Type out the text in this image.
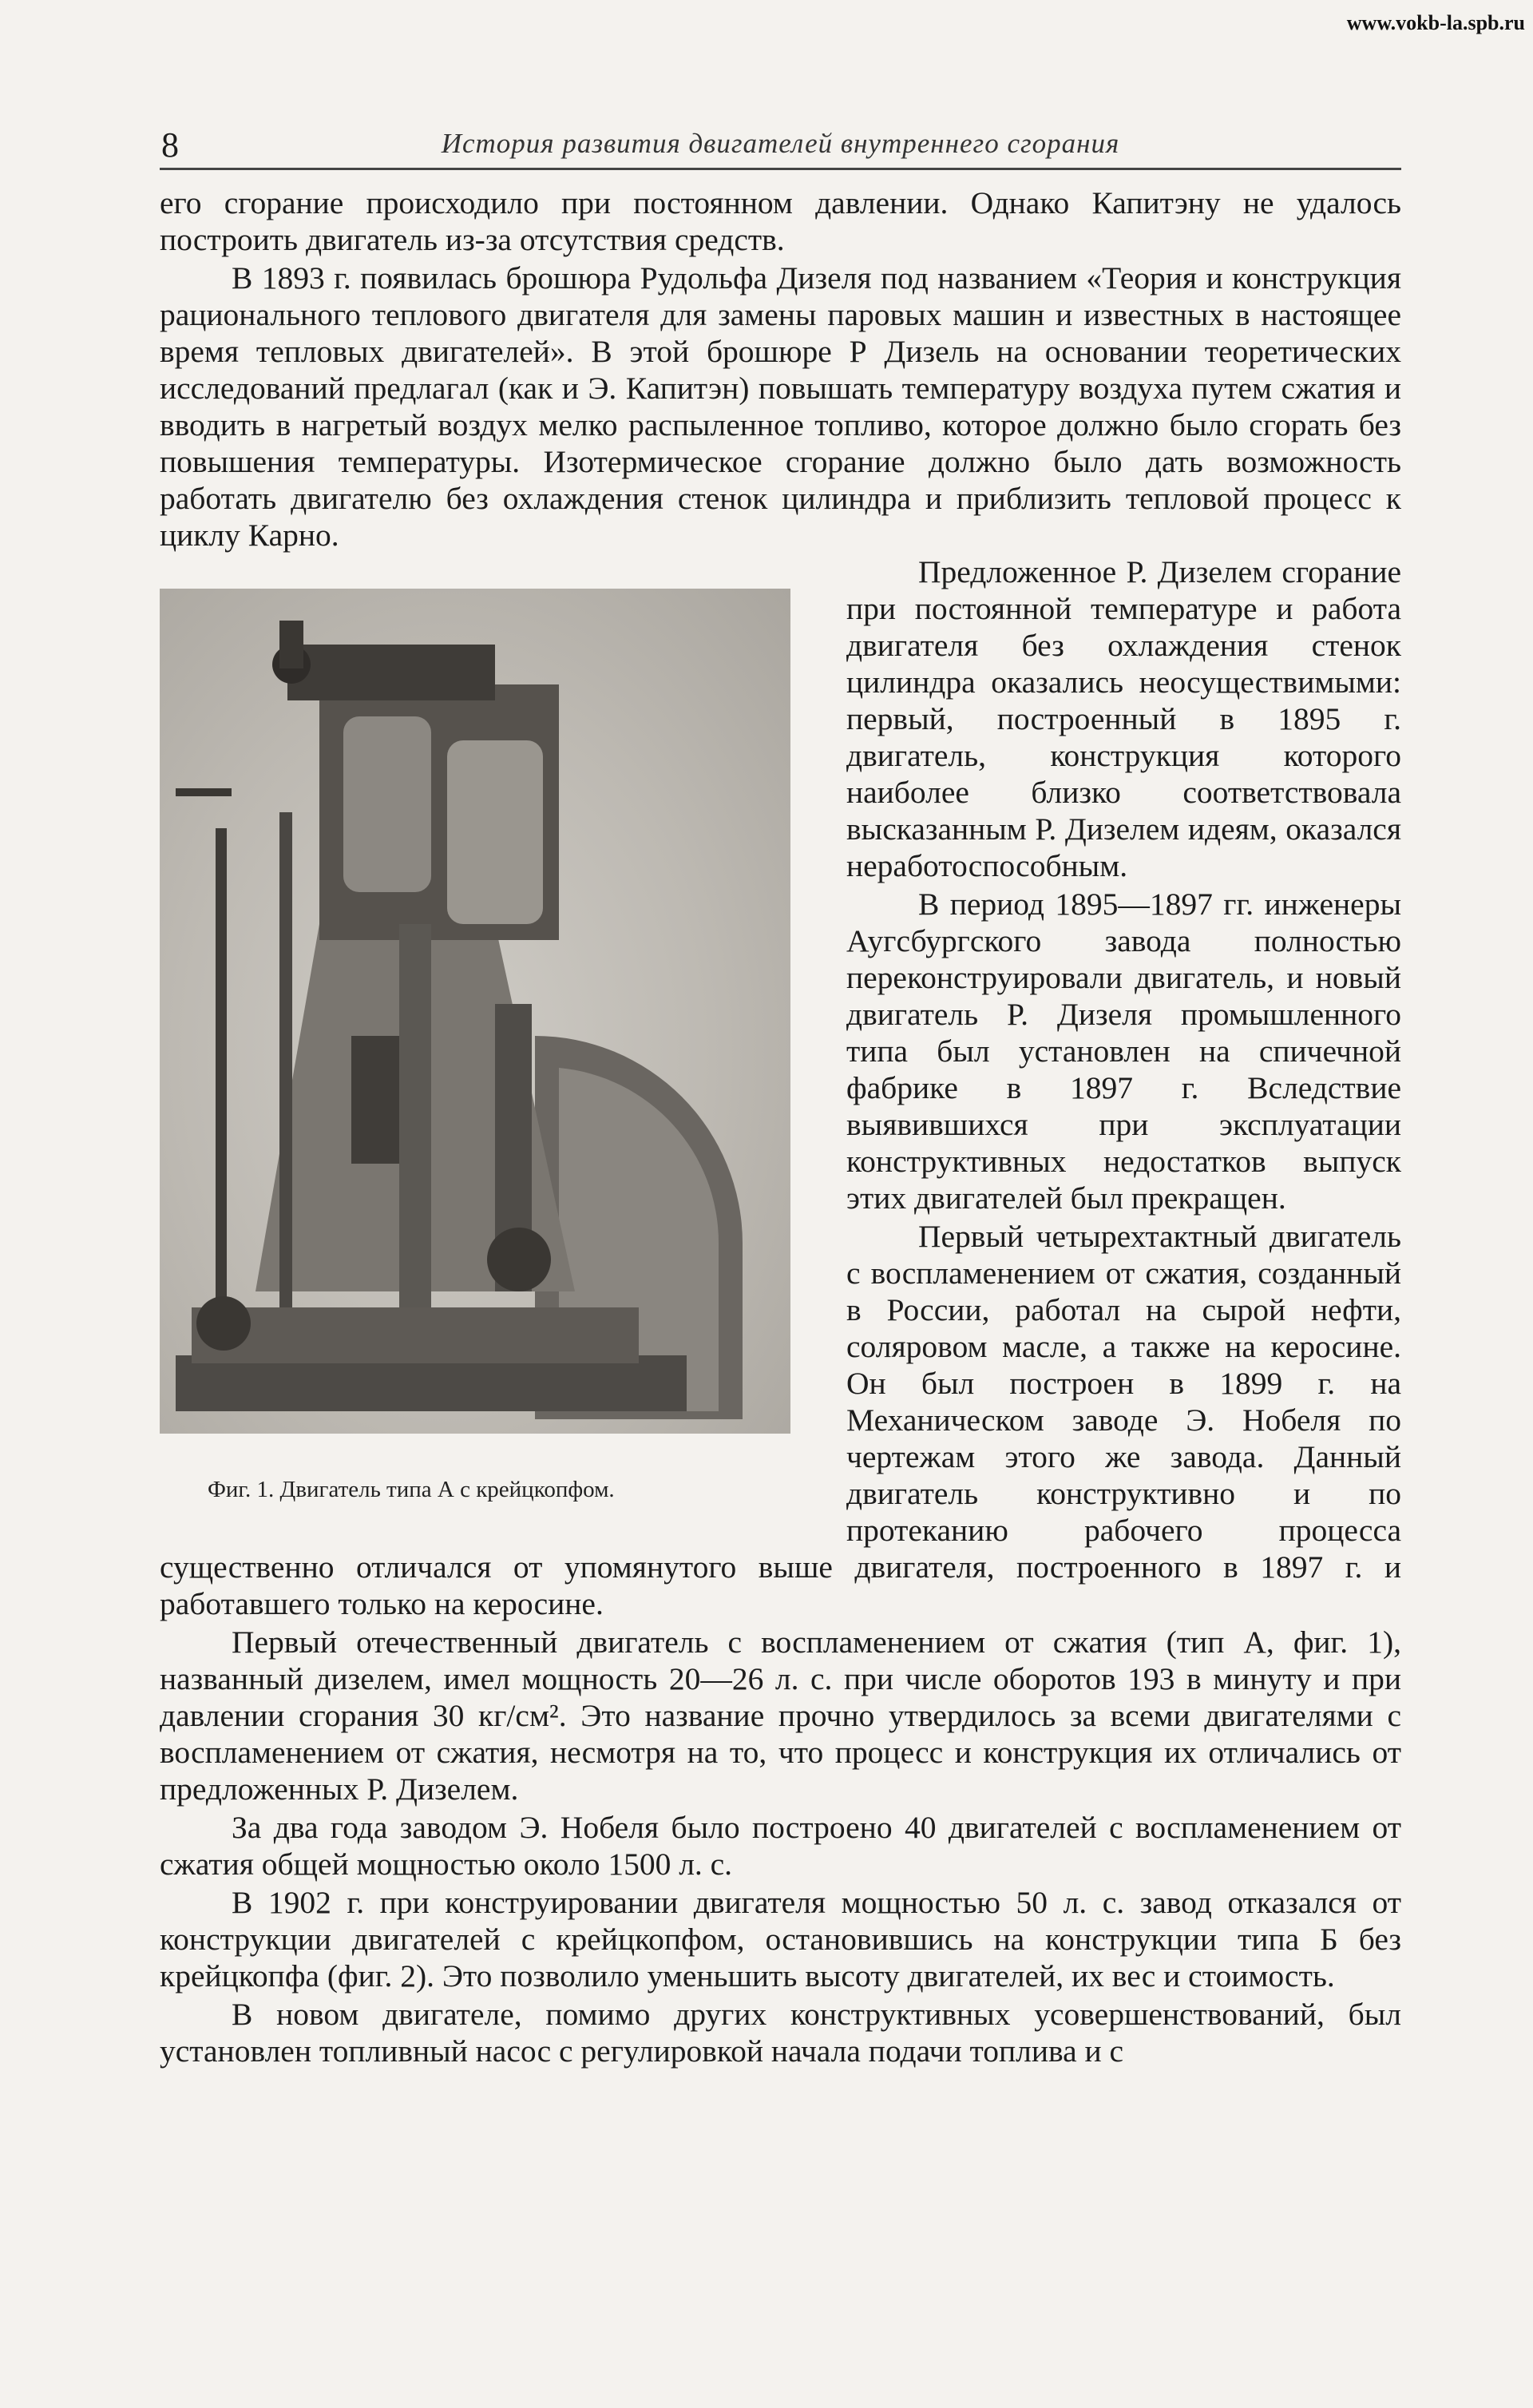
www.vokb-la.spb.ru
8	История развития двигателей внутреннего сгорания

его сгорание происходило при постоянном давлении. Однако Капитэну не удалось построить двигатель из-за отсутствия средств.

В 1893 г. появилась брошюра Рудольфа Дизеля под названием «Теория и конструкция рационального теплового двигателя для замены паровых машин и известных в настоящее время тепловых двигателей». В этой брошюре Р Дизель на основании теоретических исследований предлагал (как и Э. Капитэн) повышать температуру воздуха путем сжатия и вводить в нагретый воздух мелко распыленное топливо, которое должно было сгорать без повышения температуры. Изотермическое сгорание должно было дать возможность работать двигателю без охлаждения стенок цилиндра и приблизить тепловой процесс к циклу Карно.

Фиг. 1. Двигатель типа А с крейцкопфом.

Предложенное Р. Дизелем сгорание при постоянной температуре и работа двигателя без охлаждения стенок цилиндра оказались неосуществимыми: первый, построенный в 1895 г. двигатель, конструкция которого наиболее близко соответствовала высказанным Р. Дизелем идеям, оказался неработоспособным.

В период 1895—1897 гг. инженеры Аугсбургского завода полностью переконструировали двигатель, и новый двигатель Р. Дизеля промышленного типа был установлен на спичечной фабрике в 1897 г. Вследствие выявившихся при эксплуатации конструктивных недостатков выпуск этих двигателей был прекращен.

Первый четырехтактный двигатель с воспламенением от сжатия, созданный в России, работал на сырой нефти, соляровом масле, а также на керосине. Он был построен в 1899 г. на Механическом заводе Э. Нобеля по чертежам этого же завода. Данный двигатель конструктивно и по протеканию рабочего процесса существенно отличался от упомянутого выше двигателя, построенного в 1897 г. и работавшего только на керосине.

Первый отечественный двигатель с воспламенением от сжатия (тип А, фиг. 1), названный дизелем, имел мощность 20—26 л. с. при числе оборотов 193 в минуту и при давлении сгорания 30 кг/см². Это название прочно утвердилось за всеми двигателями с воспламенением от сжатия, несмотря на то, что процесс и конструкция их отличались от предложенных Р. Дизелем.

За два года заводом Э. Нобеля было построено 40 двигателей с воспламенением от сжатия общей мощностью около 1500 л. с.

В 1902 г. при конструировании двигателя мощностью 50 л. с. завод отказался от конструкции двигателей с крейцкопфом, остановившись на конструкции типа Б без крейцкопфа (фиг. 2). Это позволило уменьшить высоту двигателей, их вес и стоимость.

В новом двигателе, помимо других конструктивных усовершенствований, был установлен топливный насос с регулировкой начала подачи топлива и с
